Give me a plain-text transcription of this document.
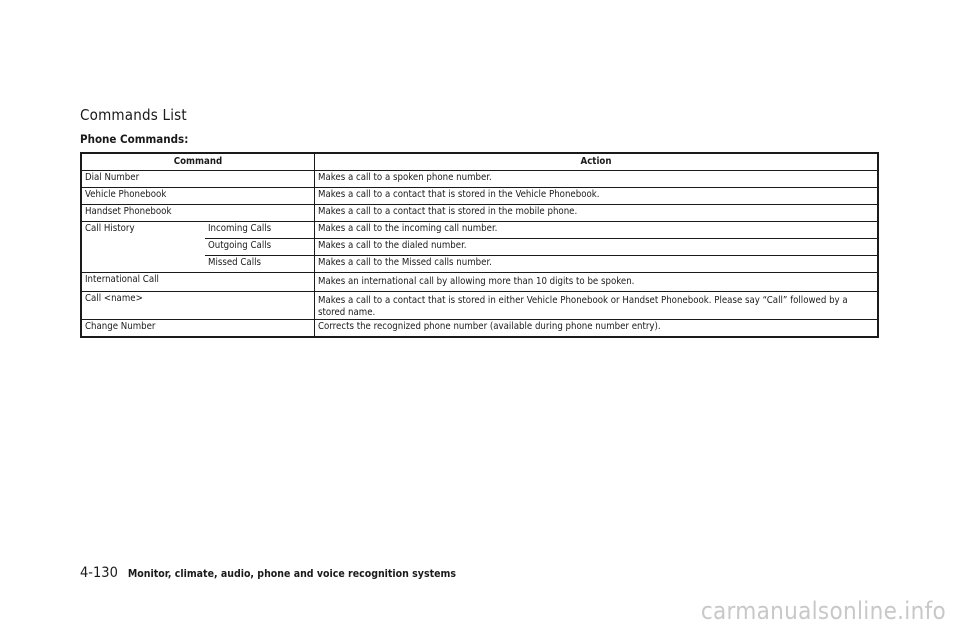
Commands List
Phone Commands:
Command		Action
Dial Number		Makes a call to a spoken phone number.
Vehicle Phonebook		Makes a call to a contact that is stored in the Vehicle Phonebook.
Handset Phonebook		Makes a call to a contact that is stored in the mobile phone.
Call History	Incoming Calls	Makes a call to the incoming call number.
	Outgoing Calls	Makes a call to the dialed number.
	Missed Calls	Makes a call to the Missed calls number.
International Call		Makes an international call by allowing more than 10 digits to be spoken.
Call <name>		Makes a call to a contact that is stored in either Vehicle Phonebook or Handset Phonebook. Please say “Call” followed by a stored name.
Change Number		Corrects the recognized phone number (available during phone number entry).
4-130 Monitor, climate, audio, phone and voice recognition systems
carmanualsonline.info
